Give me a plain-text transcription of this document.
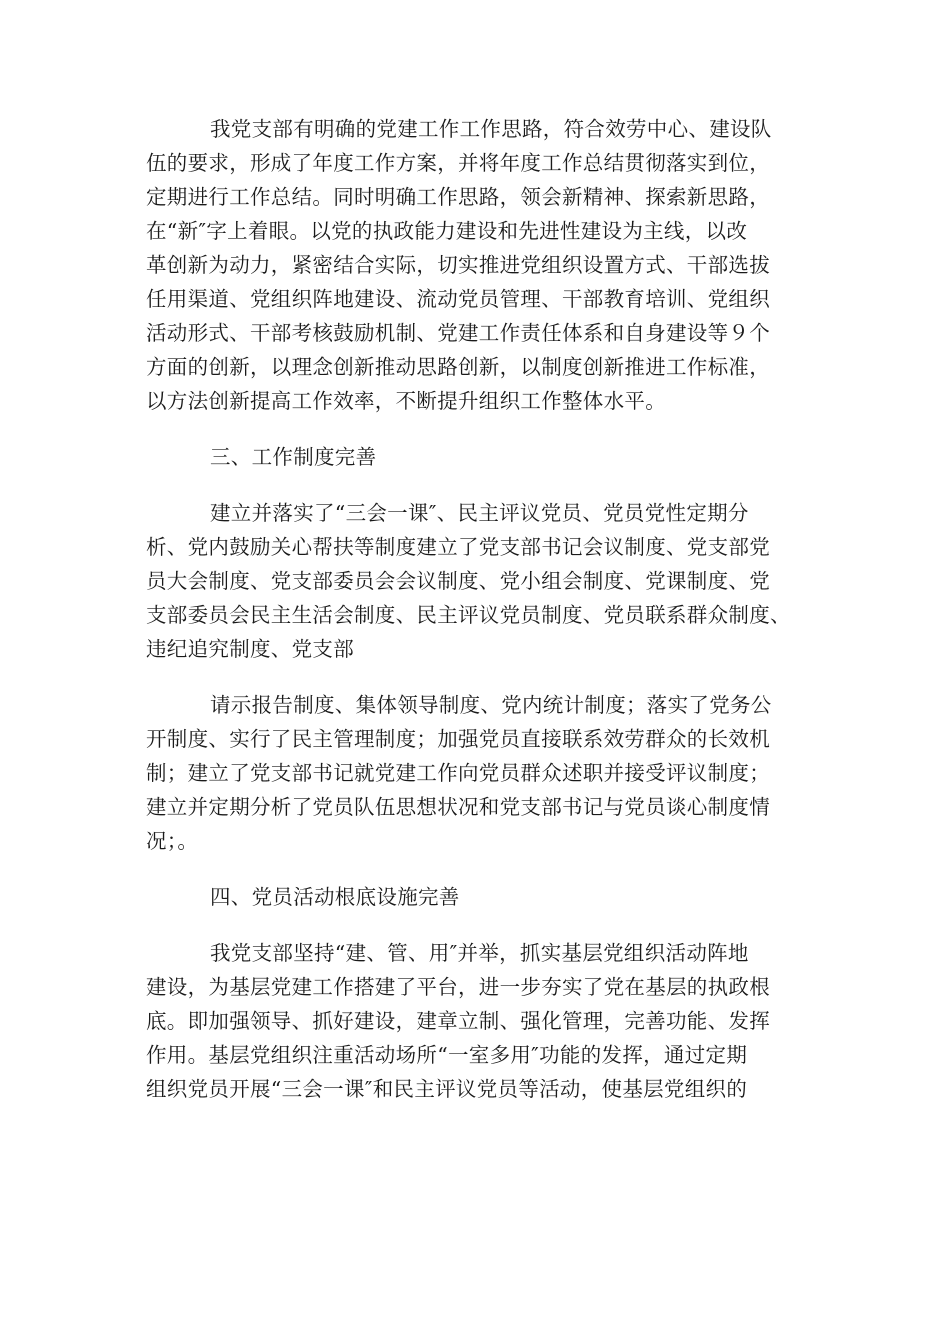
我党支部有明确的党建工作工作思路，符合效劳中心、建设队
伍的要求，形成了年度工作方案，并将年度工作总结贯彻落实到位，
定期进行工作总结。同时明确工作思路，领会新精神、探索新思路，
在“新″字上着眼。以党的执政能力建设和先进性建设为主线，以改
革创新为动力，紧密结合实际，切实推进党组织设置方式、干部选拔
任用渠道、党组织阵地建设、流动党员管理、干部教育培训、党组织
活动形式、干部考核鼓励机制、党建工作责任体系和自身建设等９个
方面的创新，以理念创新推动思路创新，以制度创新推进工作标准，
以方法创新提高工作效率，不断提升组织工作整体水平。
三、工作制度完善
建立并落实了“三会一课″、民主评议党员、党员党性定期分
析、党内鼓励关心帮扶等制度建立了党支部书记会议制度、党支部党
员大会制度、党支部委员会会议制度、党小组会制度、党课制度、党
支部委员会民主生活会制度、民主评议党员制度、党员联系群众制度、
违纪追究制度、党支部
请示报告制度、集体领导制度、党内统计制度；落实了党务公
开制度、实行了民主管理制度；加强党员直接联系效劳群众的长效机
制；建立了党支部书记就党建工作向党员群众述职并接受评议制度；
建立并定期分析了党员队伍思想状况和党支部书记与党员谈心制度情
况；。
四、党员活动根底设施完善
我党支部坚持“建、管、用″并举，抓实基层党组织活动阵地
建设，为基层党建工作搭建了平台，进一步夯实了党在基层的执政根
底。即加强领导、抓好建设，建章立制、强化管理，完善功能、发挥
作用。基层党组织注重活动场所“一室多用″功能的发挥，通过定期
组织党员开展“三会一课″和民主评议党员等活动，使基层党组织的
